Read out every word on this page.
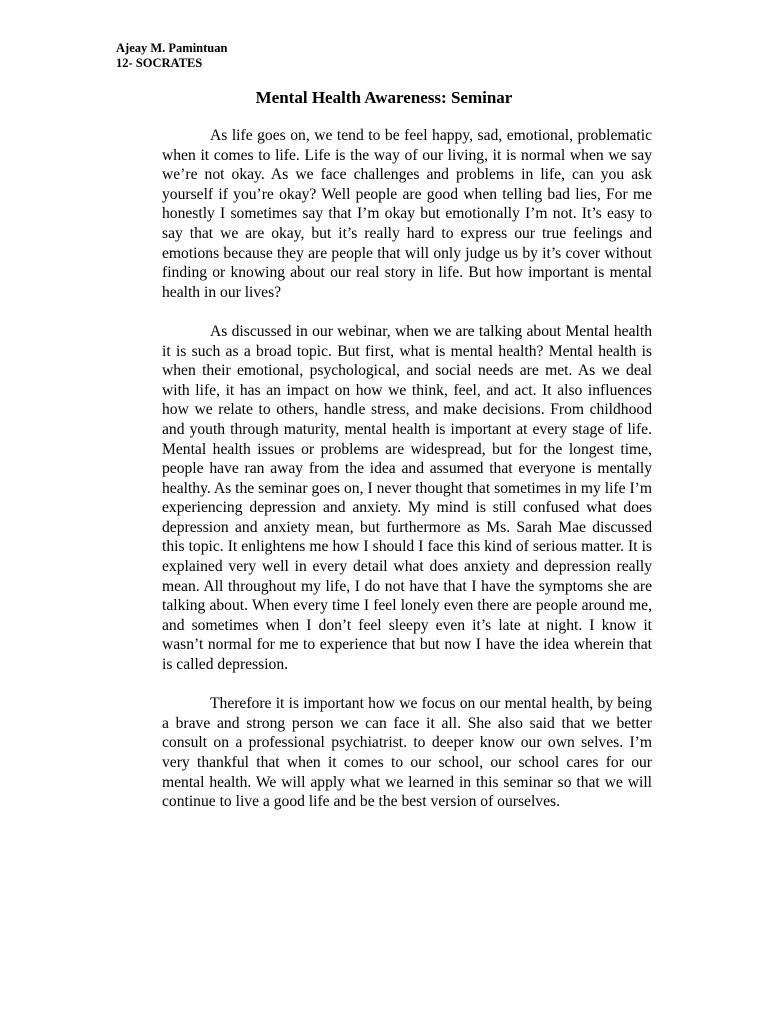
Ajeay M. Pamintuan
12- SOCRATES
Mental Health Awareness: Seminar

As life goes on, we tend to be feel happy, sad, emotional, problematic when it comes to life. Life is the way of our living, it is normal when we say we’re not okay. As we face challenges and problems in life, can you ask yourself if you’re okay? Well people are good when telling bad lies, For me honestly I sometimes say that I’m okay but emotionally I’m not. It’s easy to say that we are okay, but it’s really hard to express our true feelings and emotions because they are people that will only judge us by it’s cover without finding or knowing about our real story in life. But how important is mental health in our lives?

As discussed in our webinar, when we are talking about Mental health it is such as a broad topic. But first, what is mental health? Mental health is when their emotional, psychological, and social needs are met. As we deal with life, it has an impact on how we think, feel, and act. It also influences how we relate to others, handle stress, and make decisions. From childhood and youth through maturity, mental health is important at every stage of life. Mental health issues or problems are widespread, but for the longest time, people have ran away from the idea and assumed that everyone is mentally healthy. As the seminar goes on, I never thought that sometimes in my life I’m experiencing depression and anxiety. My mind is still confused what does depression and anxiety mean, but furthermore as Ms. Sarah Mae discussed this topic. It enlightens me how I should I face this kind of serious matter. It is explained very well in every detail what does anxiety and depression really mean. All throughout my life, I do not have that I have the symptoms she are talking about. When every time I feel lonely even there are people around me, and sometimes when I don’t feel sleepy even it’s late at night. I know it wasn’t normal for me to experience that but now I have the idea wherein that is called depression.

Therefore it is important how we focus on our mental health, by being a brave and strong person we can face it all. She also said that we better consult on a professional psychiatrist. to deeper know our own selves. I’m very thankful that when it comes to our school, our school cares for our mental health. We will apply what we learned in this seminar so that we will continue to live a good life and be the best version of ourselves.
